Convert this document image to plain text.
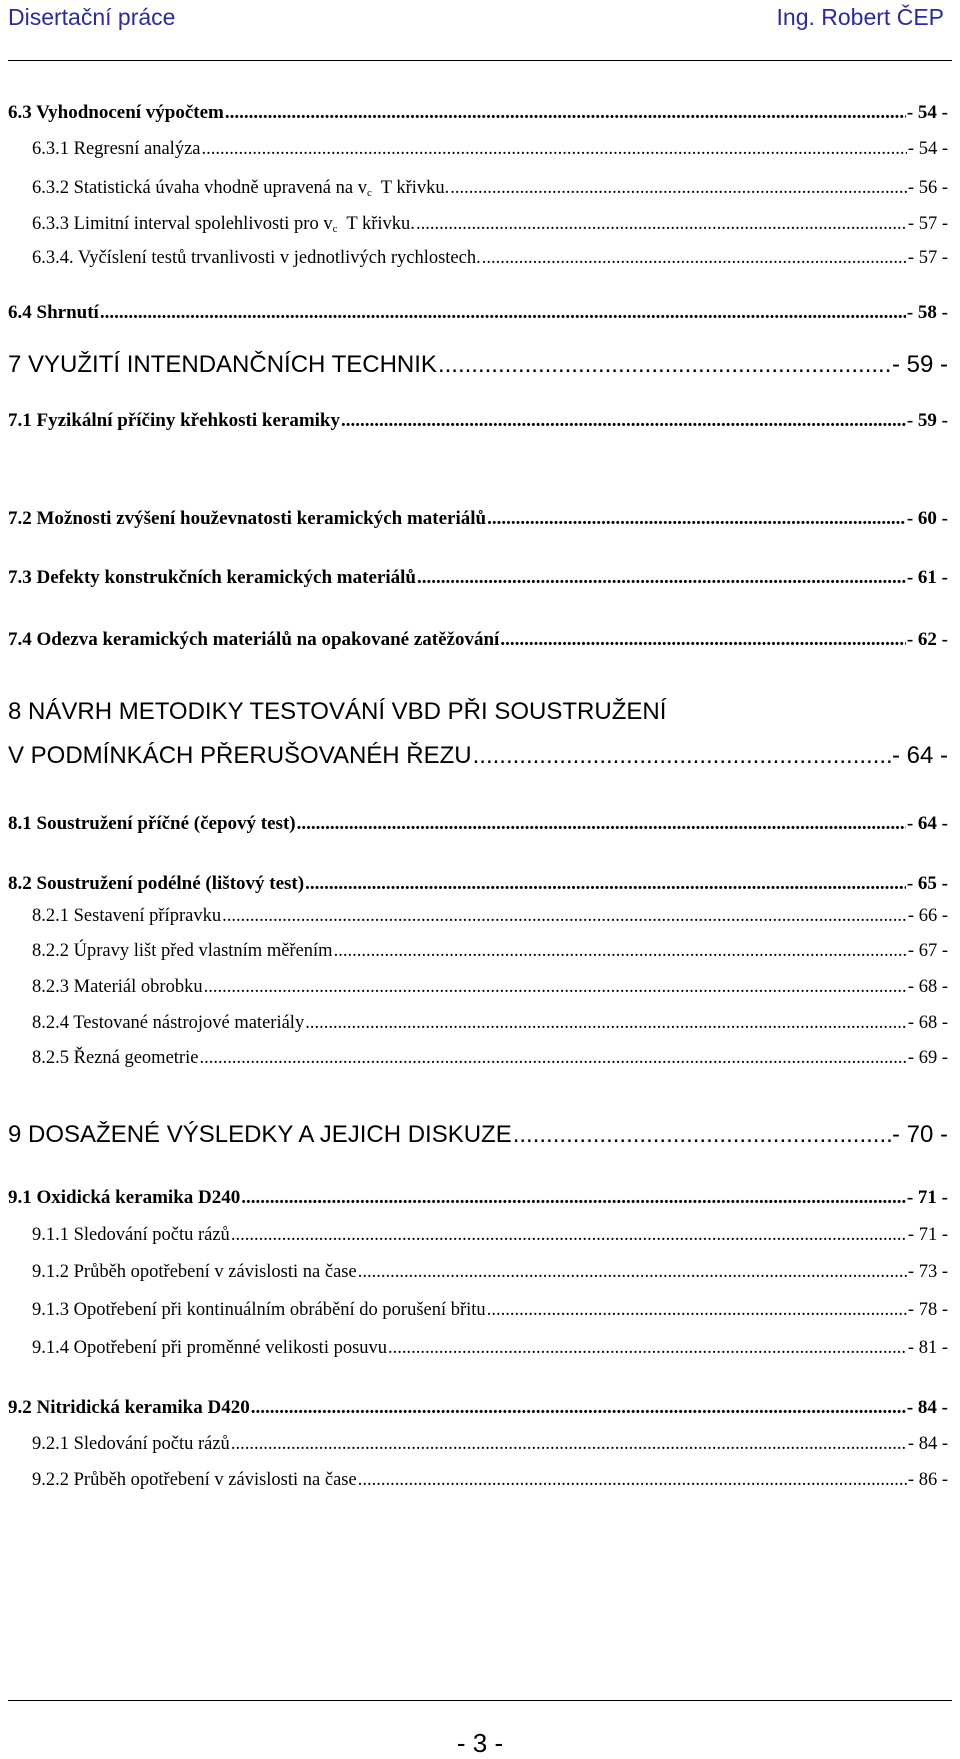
Disertační práce	Ing. Robert ČEP
6.3 Vyhodnocení výpočtem .....	- 54 -
6.3.1 Regresní analýza .....	- 54 -
6.3.2 Statistická úvaha vhodně upravená na $v_c$  T křivku. .....	- 56 -
6.3.3 Limitní interval spolehlivosti pro $v_c$  T křivku. .....	- 57 -
6.3.4. Vyčíslení testů trvanlivosti v jednotlivých rychlostech. .....	- 57 -
6.4 Shrnutí .....	- 58 -
7 VYUŽITÍ INTENDANČNÍCH TECHNIK .....	- 59 -
7.1 Fyzikální příčiny křehkosti keramiky .....	- 59 -
7.2 Možnosti zvýšení houževnatosti keramických materiálů .....	- 60 -
7.3 Defekty konstrukčních keramických materiálů .....	- 61 -
7.4 Odezva keramických materiálů na opakované zatěžování .....	- 62 -
8 NÁVRH METODIKY TESTOVÁNÍ VBD PŘI SOUSTRUŽENÍ
V PODMÍNKÁCH PŘERUŠOVANÉH ŘEZU .....	- 64 -
8.1 Soustružení příčné (čepový test) .....	- 64 -
8.2 Soustružení podélné (lištový test) .....	- 65 -
8.2.1 Sestavení přípravku .....	- 66 -
8.2.2 Úpravy lišt před vlastním měřením .....	- 67 -
8.2.3 Materiál obrobku .....	- 68 -
8.2.4 Testované nástrojové materiály .....	- 68 -
8.2.5 Řezná geometrie .....	- 69 -
9 DOSAŽENÉ VÝSLEDKY A JEJICH DISKUZE .....	- 70 -
9.1 Oxidická keramika D240 .....	- 71 -
9.1.1 Sledování počtu rázů .....	- 71 -
9.1.2 Průběh opotřebení v závislosti na čase .....	- 73 -
9.1.3 Opotřebení při kontinuálním obrábění do porušení břitu .....	- 78 -
9.1.4 Opotřebení při proměnné velikosti posuvu .....	- 81 -
9.2 Nitridická keramika D420 .....	- 84 -
9.2.1 Sledování počtu rázů .....	- 84 -
9.2.2 Průběh opotřebení v závislosti na čase .....	- 86 -
- 3 -
